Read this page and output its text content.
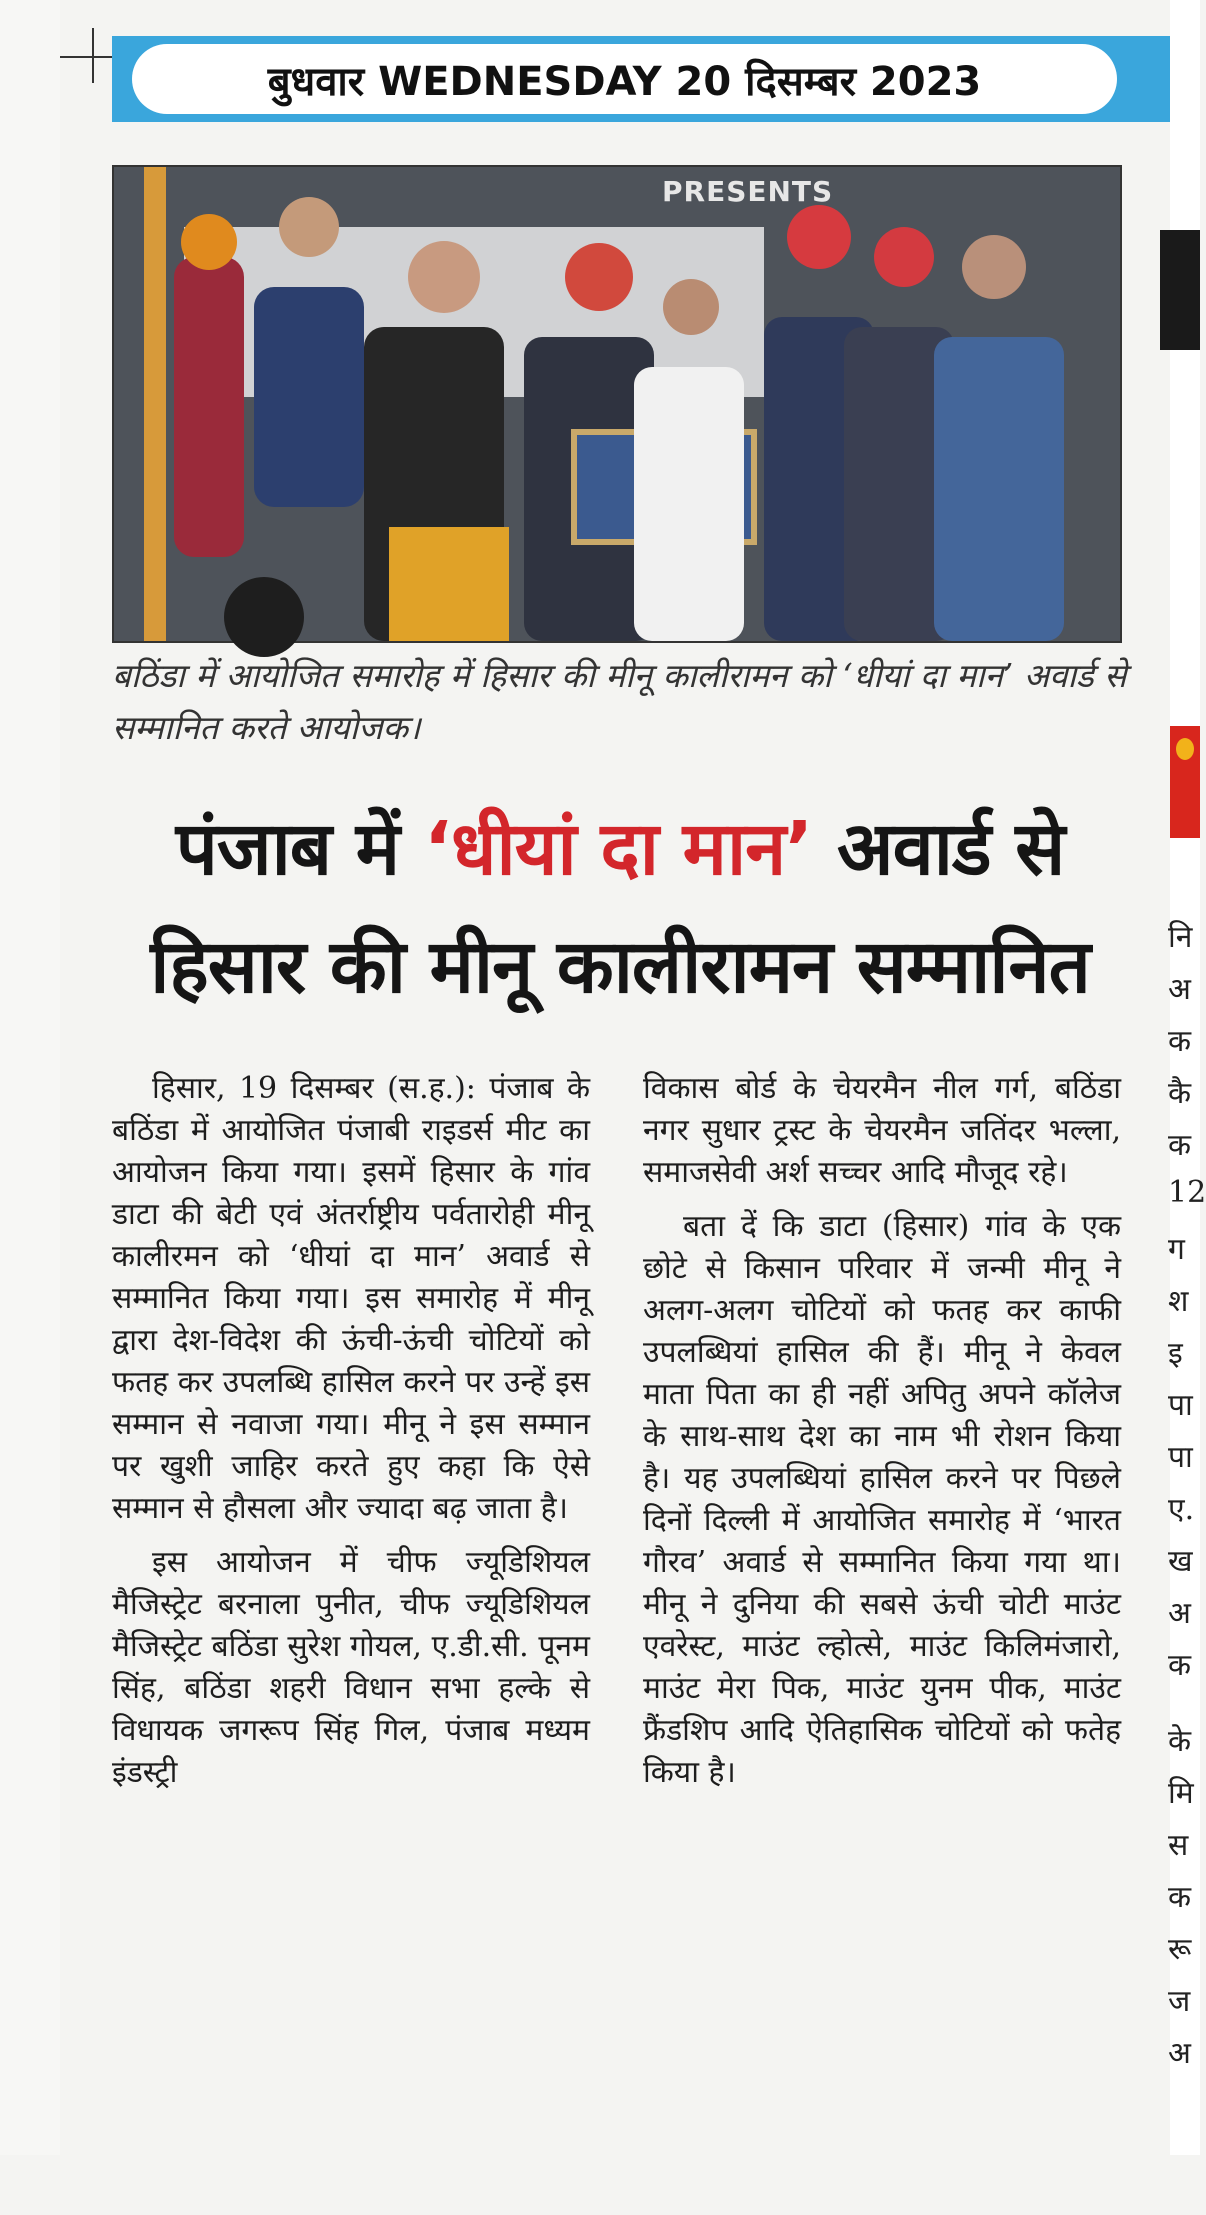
बुधवार WEDNESDAY 20 दिसम्बर 2023
PRESENTS
बठिंडा में आयोजित समारोह में हिसार की मीनू कालीरामन को ‘धीयां दा मान’ अवार्ड से सम्मानित करते आयोजक।
पंजाब में ‘धीयां दा मान’ अवार्ड से हिसार की मीनू कालीरामन सम्मानित

हिसार, 19 दिसम्बर (स.ह.): पंजाब के बठिंडा में आयोजित पंजाबी राइडर्स मीट का आयोजन किया गया। इसमें हिसार के गांव डाटा की बेटी एवं अंतर्राष्ट्रीय पर्वतारोही मीनू कालीरमन को ‘धीयां दा मान’ अवार्ड से सम्मानित किया गया। इस समारोह में मीनू द्वारा देश-विदेश की ऊंची-ऊंची चोटियों को फतह कर उपलब्धि हासिल करने पर उन्हें इस सम्मान से नवाजा गया। मीनू ने इस सम्मान पर खुशी जाहिर करते हुए कहा कि ऐसे सम्मान से हौसला और ज्यादा बढ़ जाता है।

इस आयोजन में चीफ ज्यूडिशियल मैजिस्ट्रेट बरनाला पुनीत, चीफ ज्यूडिशियल मैजिस्ट्रेट बठिंडा सुरेश गोयल, ए.डी.सी. पूनम सिंह, बठिंडा शहरी विधान सभा हल्के से विधायक जगरूप सिंह गिल, पंजाब मध्यम इंडस्ट्री

विकास बोर्ड के चेयरमैन नील गर्ग, बठिंडा नगर सुधार ट्रस्ट के चेयरमैन जतिंदर भल्ला, समाजसेवी अर्श सच्चर आदि मौजूद रहे।

बता दें कि डाटा (हिसार) गांव के एक छोटे से किसान परिवार में जन्मी मीनू ने अलग-अलग चोटियों को फतह कर काफी उपलब्धियां हासिल की हैं। मीनू ने केवल माता पिता का ही नहीं अपितु अपने कॉलेज के साथ-साथ देश का नाम भी रोशन किया है। यह उपलब्धियां हासिल करने पर पिछले दिनों दिल्ली में आयोजित समारोह में ‘भारत गौरव’ अवार्ड से सम्मानित किया गया था। मीनू ने दुनिया की सबसे ऊंची चोटी माउंट एवरेस्ट, माउंट ल्होत्से, माउंट किलिमंजारो, माउंट मेरा पिक, माउंट युनम पीक, माउंट फ्रैंडशिप आदि ऐतिहासिक चोटियों को फतेह किया है।

नि
अ
क
कै
क
12
ग
श
इ
पा
पा
ए.
ख
अ
क
के
मि
स
क
रू
ज
अ
